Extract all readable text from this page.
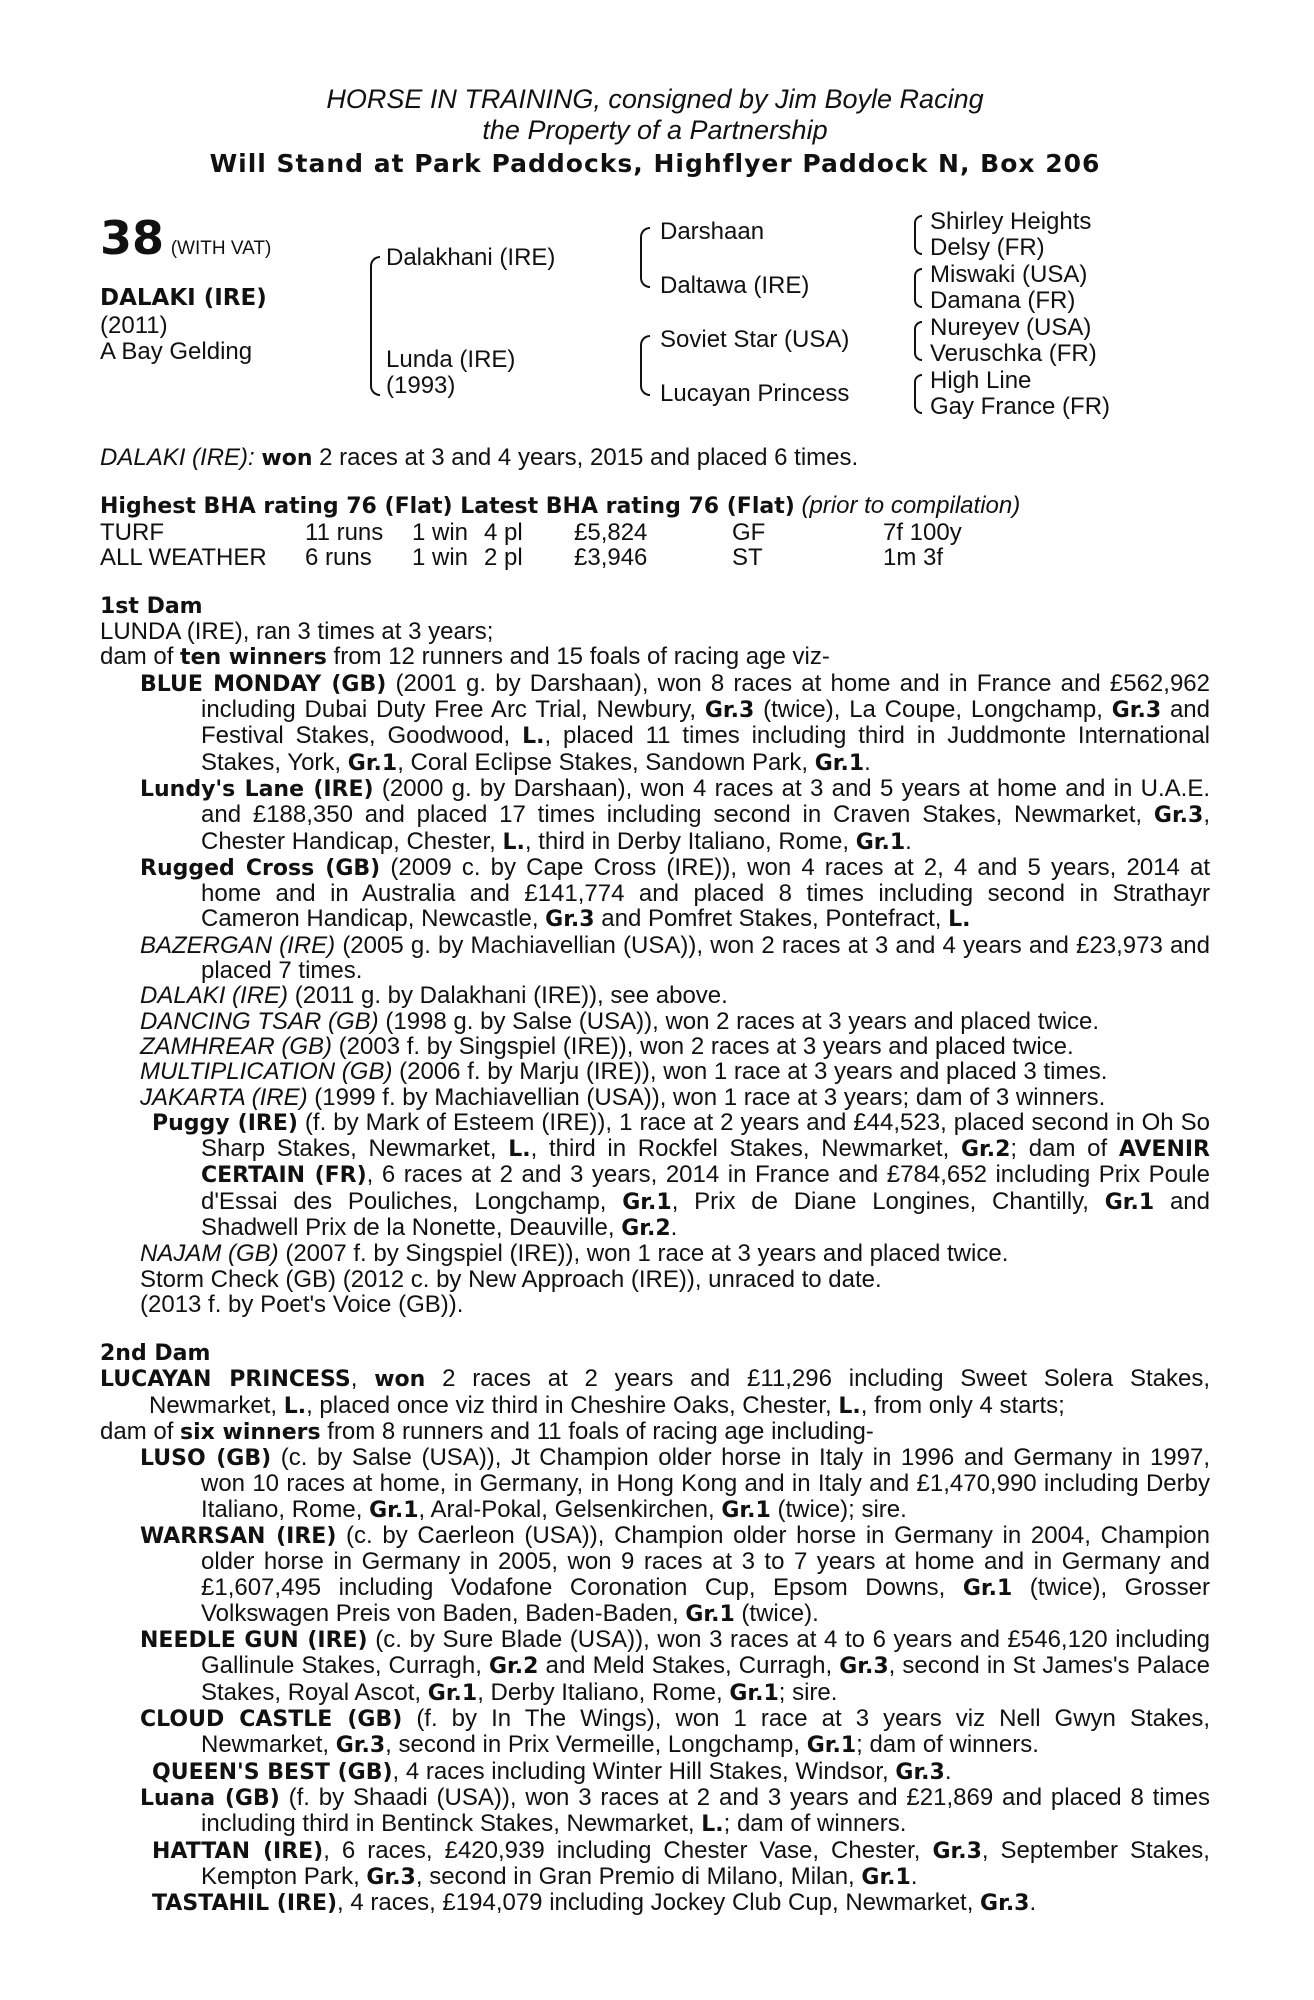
HORSE IN TRAINING, consigned by Jim Boyle Racing
the Property of a Partnership
Will Stand at Park Paddocks, Highflyer Paddock N, Box 206
38 (WITH VAT)
DALAKI (IRE)
(2011)
A Bay Gelding
Dalakhani (IRE)
Lunda (IRE)
(1993)
Darshaan
Daltawa (IRE)
Soviet Star (USA)
Lucayan Princess
Shirley Heights
Delsy (FR)
Miswaki (USA)
Damana (FR)
Nureyev (USA)
Veruschka (FR)
High Line
Gay France (FR)
DALAKI (IRE): won 2 races at 3 and 4 years, 2015 and placed 6 times.
Highest BHA rating 76 (Flat) Latest BHA rating 76 (Flat) (prior to compilation)
TURF	11 runs 1 win 4 pl £5,824	GF	7f 100y
ALL WEATHER 6 runs 1 win 2 pl £3,946	ST	1m 3f
1st Dam
LUNDA (IRE), ran 3 times at 3 years;
dam of ten winners from 12 runners and 15 foals of racing age viz-
BLUE MONDAY (GB) (2001 g. by Darshaan), won 8 races at home and in France and £562,962 including Dubai Duty Free Arc Trial, Newbury, Gr.3 (twice), La Coupe, Longchamp, Gr.3 and Festival Stakes, Goodwood, L., placed 11 times including third in Juddmonte International Stakes, York, Gr.1, Coral Eclipse Stakes, Sandown Park, Gr.1.
Lundy's Lane (IRE) (2000 g. by Darshaan), won 4 races at 3 and 5 years at home and in U.A.E. and £188,350 and placed 17 times including second in Craven Stakes, Newmarket, Gr.3, Chester Handicap, Chester, L., third in Derby Italiano, Rome, Gr.1.
Rugged Cross (GB) (2009 c. by Cape Cross (IRE)), won 4 races at 2, 4 and 5 years, 2014 at home and in Australia and £141,774 and placed 8 times including second in Strathayr Cameron Handicap, Newcastle, Gr.3 and Pomfret Stakes, Pontefract, L.
BAZERGAN (IRE) (2005 g. by Machiavellian (USA)), won 2 races at 3 and 4 years and £23,973 and placed 7 times.
DALAKI (IRE) (2011 g. by Dalakhani (IRE)), see above.
DANCING TSAR (GB) (1998 g. by Salse (USA)), won 2 races at 3 years and placed twice.
ZAMHREAR (GB) (2003 f. by Singspiel (IRE)), won 2 races at 3 years and placed twice.
MULTIPLICATION (GB) (2006 f. by Marju (IRE)), won 1 race at 3 years and placed 3 times.
JAKARTA (IRE) (1999 f. by Machiavellian (USA)), won 1 race at 3 years; dam of 3 winners.
Puggy (IRE) (f. by Mark of Esteem (IRE)), 1 race at 2 years and £44,523, placed second in Oh So Sharp Stakes, Newmarket, L., third in Rockfel Stakes, Newmarket, Gr.2; dam of AVENIR CERTAIN (FR), 6 races at 2 and 3 years, 2014 in France and £784,652 including Prix Poule d'Essai des Pouliches, Longchamp, Gr.1, Prix de Diane Longines, Chantilly, Gr.1 and Shadwell Prix de la Nonette, Deauville, Gr.2.
NAJAM (GB) (2007 f. by Singspiel (IRE)), won 1 race at 3 years and placed twice.
Storm Check (GB) (2012 c. by New Approach (IRE)), unraced to date.
(2013 f. by Poet's Voice (GB)).
2nd Dam
LUCAYAN PRINCESS, won 2 races at 2 years and £11,296 including Sweet Solera Stakes, Newmarket, L., placed once viz third in Cheshire Oaks, Chester, L., from only 4 starts;
dam of six winners from 8 runners and 11 foals of racing age including-
LUSO (GB) (c. by Salse (USA)), Jt Champion older horse in Italy in 1996 and Germany in 1997, won 10 races at home, in Germany, in Hong Kong and in Italy and £1,470,990 including Derby Italiano, Rome, Gr.1, Aral-Pokal, Gelsenkirchen, Gr.1 (twice); sire.
WARRSAN (IRE) (c. by Caerleon (USA)), Champion older horse in Germany in 2004, Champion older horse in Germany in 2005, won 9 races at 3 to 7 years at home and in Germany and £1,607,495 including Vodafone Coronation Cup, Epsom Downs, Gr.1 (twice), Grosser Volkswagen Preis von Baden, Baden-Baden, Gr.1 (twice).
NEEDLE GUN (IRE) (c. by Sure Blade (USA)), won 3 races at 4 to 6 years and £546,120 including Gallinule Stakes, Curragh, Gr.2 and Meld Stakes, Curragh, Gr.3, second in St James's Palace Stakes, Royal Ascot, Gr.1, Derby Italiano, Rome, Gr.1; sire.
CLOUD CASTLE (GB) (f. by In The Wings), won 1 race at 3 years viz Nell Gwyn Stakes, Newmarket, Gr.3, second in Prix Vermeille, Longchamp, Gr.1; dam of winners.
QUEEN'S BEST (GB), 4 races including Winter Hill Stakes, Windsor, Gr.3.
Luana (GB) (f. by Shaadi (USA)), won 3 races at 2 and 3 years and £21,869 and placed 8 times including third in Bentinck Stakes, Newmarket, L.; dam of winners.
HATTAN (IRE), 6 races, £420,939 including Chester Vase, Chester, Gr.3, September Stakes, Kempton Park, Gr.3, second in Gran Premio di Milano, Milan, Gr.1.
TASTAHIL (IRE), 4 races, £194,079 including Jockey Club Cup, Newmarket, Gr.3.
